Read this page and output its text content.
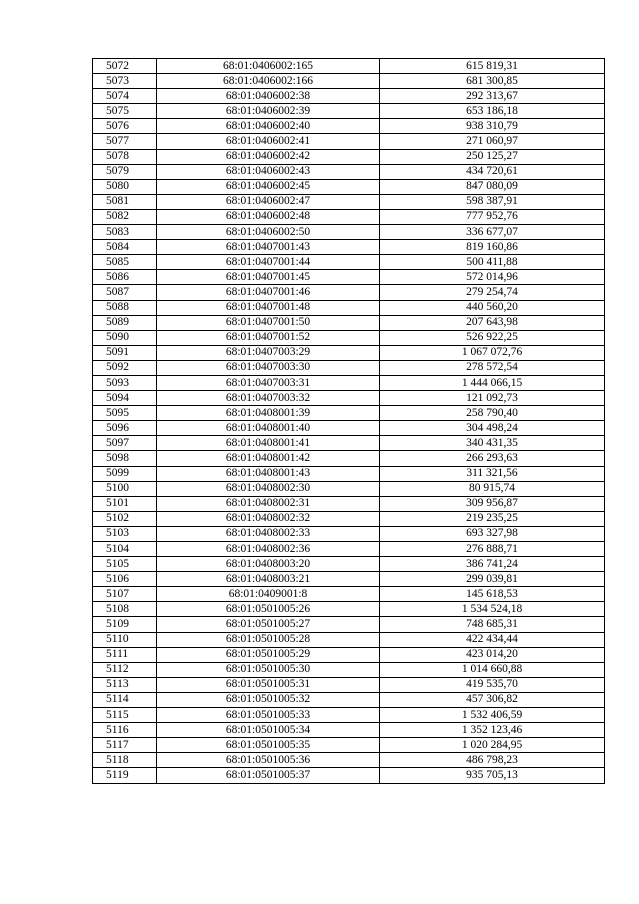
5072	68:01:0406002:165	615 819,31
5073	68:01:0406002:166	681 300,85
5074	68:01:0406002:38	292 313,67
5075	68:01:0406002:39	653 186,18
5076	68:01:0406002:40	938 310,79
5077	68:01:0406002:41	271 060,97
5078	68:01:0406002:42	250 125,27
5079	68:01:0406002:43	434 720,61
5080	68:01:0406002:45	847 080,09
5081	68:01:0406002:47	598 387,91
5082	68:01:0406002:48	777 952,76
5083	68:01:0406002:50	336 677,07
5084	68:01:0407001:43	819 160,86
5085	68:01:0407001:44	500 411,88
5086	68:01:0407001:45	572 014,96
5087	68:01:0407001:46	279 254,74
5088	68:01:0407001:48	440 560,20
5089	68:01:0407001:50	207 643,98
5090	68:01:0407001:52	526 922,25
5091	68:01:0407003:29	1 067 072,76
5092	68:01:0407003:30	278 572,54
5093	68:01:0407003:31	1 444 066,15
5094	68:01:0407003:32	121 092,73
5095	68:01:0408001:39	258 790,40
5096	68:01:0408001:40	304 498,24
5097	68:01:0408001:41	340 431,35
5098	68:01:0408001:42	266 293,63
5099	68:01:0408001:43	311 321,56
5100	68:01:0408002:30	80 915,74
5101	68:01:0408002:31	309 956,87
5102	68:01:0408002:32	219 235,25
5103	68:01:0408002:33	693 327,98
5104	68:01:0408002:36	276 888,71
5105	68:01:0408003:20	386 741,24
5106	68:01:0408003:21	299 039,81
5107	68:01:0409001:8	145 618,53
5108	68:01:0501005:26	1 534 524,18
5109	68:01:0501005:27	748 685,31
5110	68:01:0501005:28	422 434,44
5111	68:01:0501005:29	423 014,20
5112	68:01:0501005:30	1 014 660,88
5113	68:01:0501005:31	419 535,70
5114	68:01:0501005:32	457 306,82
5115	68:01:0501005:33	1 532 406,59
5116	68:01:0501005:34	1 352 123,46
5117	68:01:0501005:35	1 020 284,95
5118	68:01:0501005:36	486 798,23
5119	68:01:0501005:37	935 705,13
